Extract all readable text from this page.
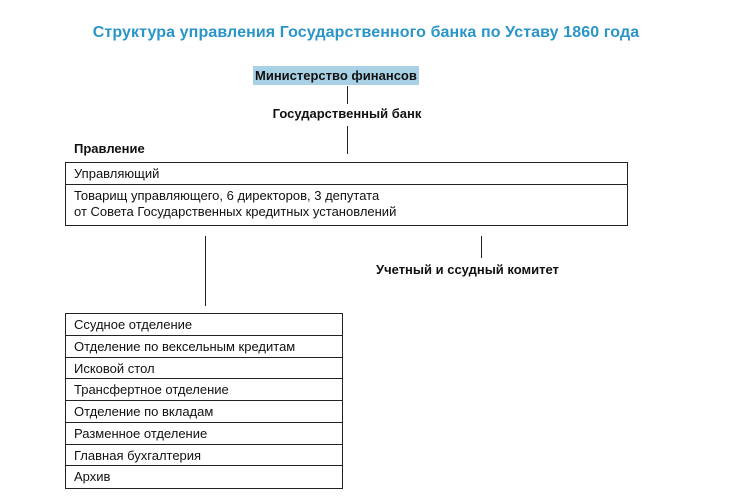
Структура управления Государственного банка по Уставу 1860 года
Министерство финансов
Государственный банк
Правление
Управляющий
Товарищ управляющего, 6 директоров, 3 депутата
от Совета Государственных кредитных установлений
Учетный и ссудный комитет
Ссудное отделение
Отделение по вексельным кредитам
Исковой стол
Трансфертное отделение
Отделение по вкладам
Разменное отделение
Главная бухгалтерия
Архив
